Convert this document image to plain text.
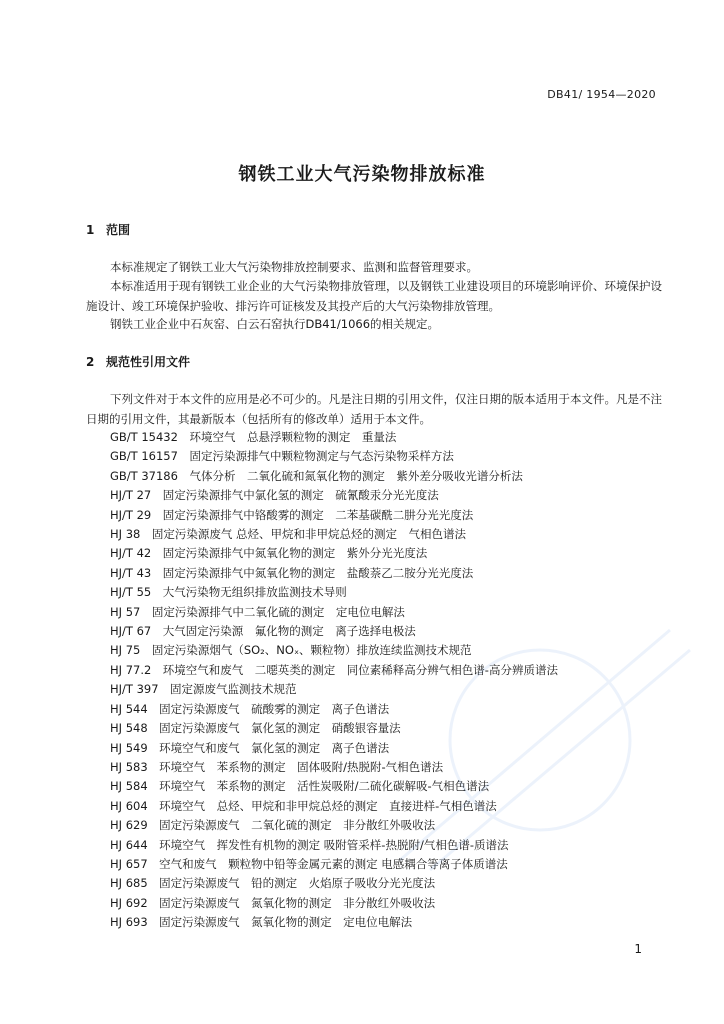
DB41/ 1954—2020
钢铁工业大气污染物排放标准
1 范围
本标准规定了钢铁工业大气污染物排放控制要求、监测和监督管理要求。
本标准适用于现有钢铁工业企业的大气污染物排放管理，以及钢铁工业建设项目的环境影响评价、环境保护设施设计、竣工环境保护验收、排污许可证核发及其投产后的大气污染物排放管理。
钢铁工业企业中石灰窑、白云石窑执行DB41/1066的相关规定。
2 规范性引用文件
下列文件对于本文件的应用是必不可少的。凡是注日期的引用文件，仅注日期的版本适用于本文件。凡是不注日期的引用文件，其最新版本（包括所有的修改单）适用于本文件。
GB/T 15432　环境空气　总悬浮颗粒物的测定　重量法
GB/T 16157　固定污染源排气中颗粒物测定与气态污染物采样方法
GB/T 37186　气体分析　二氧化硫和氮氧化物的测定　紫外差分吸收光谱分析法
HJ/T 27　固定污染源排气中氯化氢的测定　硫氰酸汞分光光度法
HJ/T 29　固定污染源排气中铬酸雾的测定　二苯基碳酰二肼分光光度法
HJ 38　固定污染源废气 总烃、甲烷和非甲烷总烃的测定　气相色谱法
HJ/T 42　固定污染源排气中氮氧化物的测定　紫外分光光度法
HJ/T 43　固定污染源排气中氮氧化物的测定　盐酸萘乙二胺分光光度法
HJ/T 55　大气污染物无组织排放监测技术导则
HJ 57　固定污染源排气中二氧化硫的测定　定电位电解法
HJ/T 67　大气固定污染源　氟化物的测定　离子选择电极法
HJ 75　固定污染源烟气（SO₂、NOₓ、颗粒物）排放连续监测技术规范
HJ 77.2　环境空气和废气　二噁英类的测定　同位素稀释高分辨气相色谱-高分辨质谱法
HJ/T 397　固定源废气监测技术规范
HJ 544　固定污染源废气　硫酸雾的测定　离子色谱法
HJ 548　固定污染源废气　氯化氢的测定　硝酸银容量法
HJ 549　环境空气和废气　氯化氢的测定　离子色谱法
HJ 583　环境空气　苯系物的测定　固体吸附/热脱附-气相色谱法
HJ 584　环境空气　苯系物的测定　活性炭吸附/二硫化碳解吸-气相色谱法
HJ 604　环境空气　总烃、甲烷和非甲烷总烃的测定　直接进样-气相色谱法
HJ 629　固定污染源废气　二氧化硫的测定　非分散红外吸收法
HJ 644　环境空气　挥发性有机物的测定 吸附管采样-热脱附/气相色谱-质谱法
HJ 657　空气和废气　颗粒物中铅等金属元素的测定 电感耦合等离子体质谱法
HJ 685　固定污染源废气　铅的测定　火焰原子吸收分光光度法
HJ 692　固定污染源废气　氮氧化物的测定　非分散红外吸收法
HJ 693　固定污染源废气　氮氧化物的测定　定电位电解法
1
